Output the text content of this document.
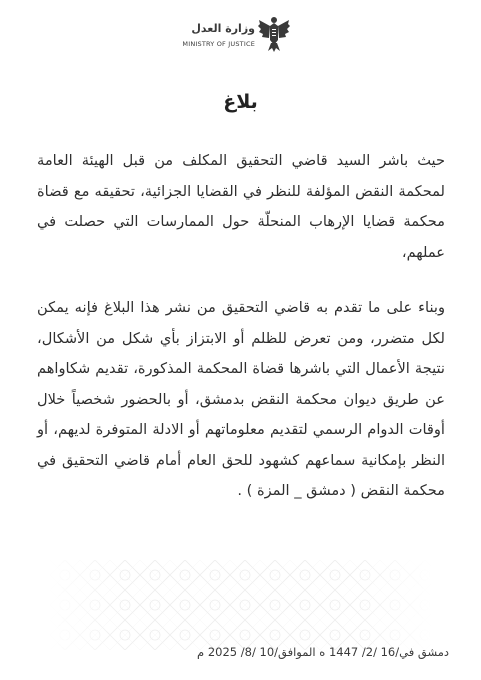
وزارة العدل
MINISTRY OF JUSTICE
بلاغ
حيث باشر السيد قاضي التحقيق المكلف من قبل الهيئة العامة لمحكمة النقض المؤلفة للنظر في القضايا الجزائية، تحقيقه مع قضاة محكمة قضايا الإرهاب المنحلّة حول الممارسات التي حصلت في عملهم،
وبناء على ما تقدم به قاضي التحقيق من نشر هذا البلاغ فإنه يمكن لكل متضرر، ومن تعرض للظلم أو الابتزاز بأي شكل من الأشكال، نتيجة الأعمال التي باشرها قضاة المحكمة المذكورة، تقديم شكاواهم عن طريق ديوان محكمة النقض بدمشق، أو بالحضور شخصياً خلال أوقات الدوام الرسمي لتقديم معلوماتهم أو الادلة المتوفرة لديهم، أو النظر بإمكانية سماعهم كشهود للحق العام أمام قاضي التحقيق في محكمة النقض ( دمشق _ المزة ) .
دمشق في/16 /2/ 1447 ه الموافق/10 /8/ 2025 م
